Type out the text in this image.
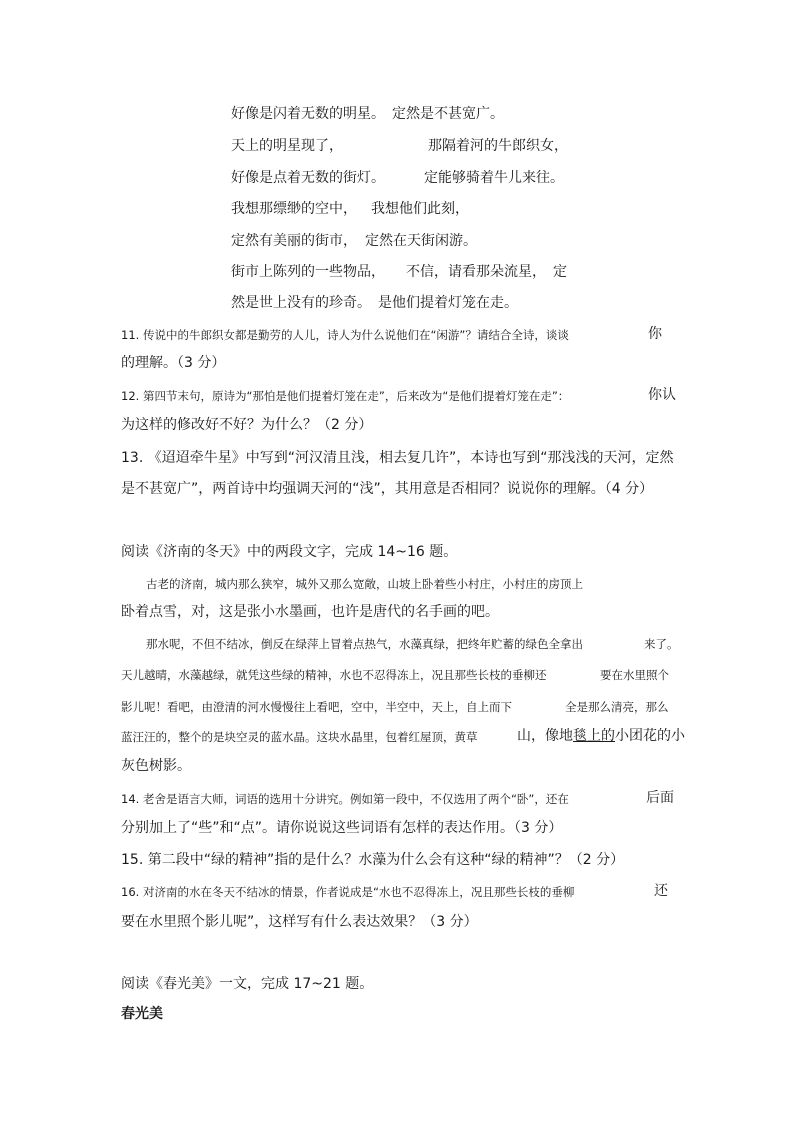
好像是闪着无数的明星。 定然是不甚宽广。
天上的明星现了，	那隔着河的牛郎织女，
好像是点着无数的街灯。	定能够骑着牛儿来往。
我想那缥缈的空中， 我想他们此刻，
定然有美丽的街市， 定然在天街闲游。
街市上陈列的一些物品， 不信，请看那朵流星， 定
然是世上没有的珍奇。 是他们提着灯笼在走。
11. 传说中的牛郎织女都是勤劳的人儿，诗人为什么说他们在“闲游”？请结合全诗，谈谈	你
的理解。（3 分）
12. 第四节末句，原诗为“那怕是他们提着灯笼在走”，后来改为“是他们提着灯笼在走”：	你认
为这样的修改好不好？为什么？（2 分）
13. 《迢迢牵牛星》中写到“河汉清且浅，相去复几许”，本诗也写到“那浅浅的天河，定然
是不甚宽广”，两首诗中均强调天河的“浅”，其用意是否相同？说说你的理解。（4 分）
阅读《济南的冬天》中的两段文字，完成 14~16 题。
古老的济南，城内那么狭窄，城外又那么宽敞，山坡上卧着些小村庄，小村庄的房顶上
卧着点雪，对，这是张小水墨画，也许是唐代的名手画的吧。
那水呢，不但不结冰，倒反在绿萍上冒着点热气，水藻真绿，把终年贮蓄的绿色全拿出	来了。
天儿越晴，水藻越绿，就凭这些绿的精神，水也不忍得冻上，况且那些长枝的垂柳还	要在水里照个
影儿呢！看吧，由澄清的河水慢慢往上看吧，空中，半空中，天上，自上而下	全是那么清亮，那么
蓝汪汪的，整个的是块空灵的蓝水晶。这块水晶里，包着红屋顶，黄草	山，像地 毯上的 小团花的小
灰色树影。
14. 老舍是语言大师，词语的选用十分讲究。例如第一段中，不仅选用了两个“卧”，还在	后面
分别加上了“些”和“点”。请你说说这些词语有怎样的表达作用。（3 分）
15. 第二段中“绿的精神”指的是什么？水藻为什么会有这种“绿的精神”？（2 分）
16. 对济南的水在冬天不结冰的情景，作者说成是“水也不忍得冻上，况且那些长枝的垂柳	还
要在水里照个影儿呢”，这样写有什么表达效果？（3 分）
阅读《春光美》一文，完成 17~21 题。
春光美
